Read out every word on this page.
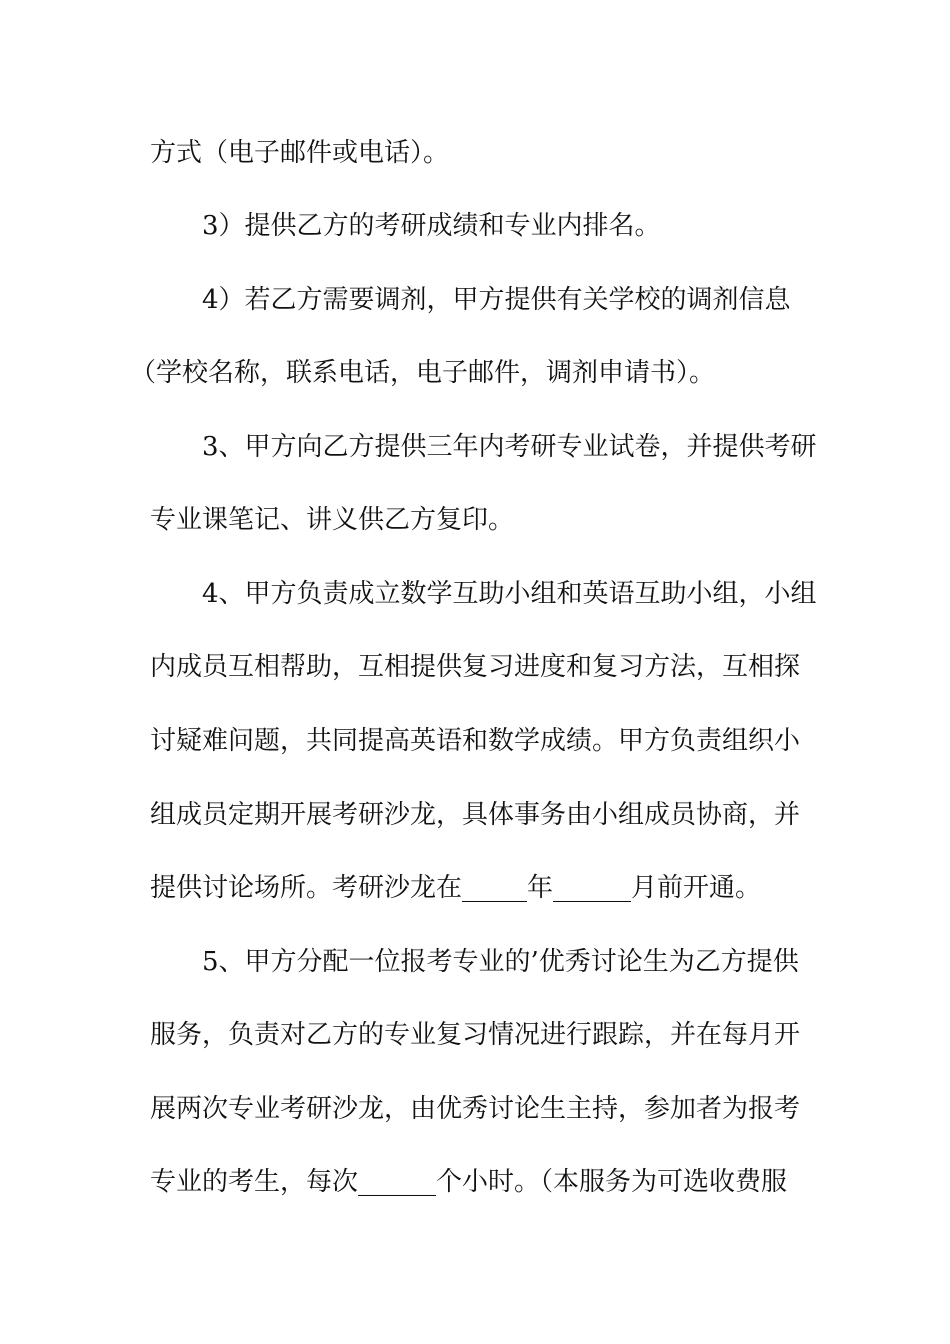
方式（电子邮件或电话）。
3）提供乙方的考研成绩和专业内排名。
4）若乙方需要调剂，甲方提供有关学校的调剂信息
（学校名称，联系电话，电子邮件，调剂申请书）。
3、甲方向乙方提供三年内考研专业试卷，并提供考研
专业课笔记、讲义供乙方复印。
4、甲方负责成立数学互助小组和英语互助小组，小组
内成员互相帮助，互相提供复习进度和复习方法，互相探
讨疑难问题，共同提高英语和数学成绩。甲方负责组织小
组成员定期开展考研沙龙，具体事务由小组成员协商，并
提供讨论场所。考研沙龙在_____年______月前开通。
5、甲方分配一位报考专业的’优秀讨论生为乙方提供
服务，负责对乙方的专业复习情况进行跟踪，并在每月开
展两次专业考研沙龙，由优秀讨论生主持，参加者为报考
专业的考生，每次______个小时。（本服务为可选收费服
